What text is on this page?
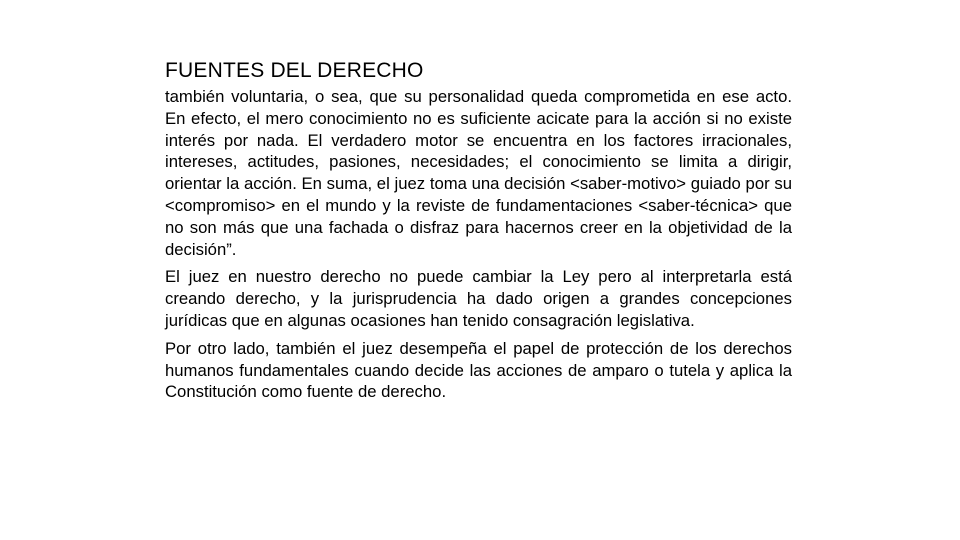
FUENTES DEL DERECHO

también voluntaria, o sea, que su personalidad queda comprometida en ese acto. En efecto, el mero conocimiento no es suficiente acicate para la acción si no existe interés por nada. El verdadero motor se encuentra en los factores irracionales, intereses, actitudes, pasiones, necesidades; el conocimiento se limita a dirigir, orientar la acción. En suma, el juez toma una decisión <saber-motivo> guiado por su <compromiso> en el mundo y la reviste de fundamentaciones <saber-técnica> que no son más que una fachada o disfraz para hacernos creer en la objetividad de la decisión”.

El juez en nuestro derecho no puede cambiar la Ley pero al interpretarla está creando derecho, y la jurisprudencia ha dado origen a grandes concepciones jurídicas que en algunas ocasiones han tenido consagración legislativa.

Por otro lado, también el juez desempeña el papel de protección de los derechos humanos fundamentales cuando decide las acciones de amparo o tutela y aplica la Constitución como fuente de derecho.
